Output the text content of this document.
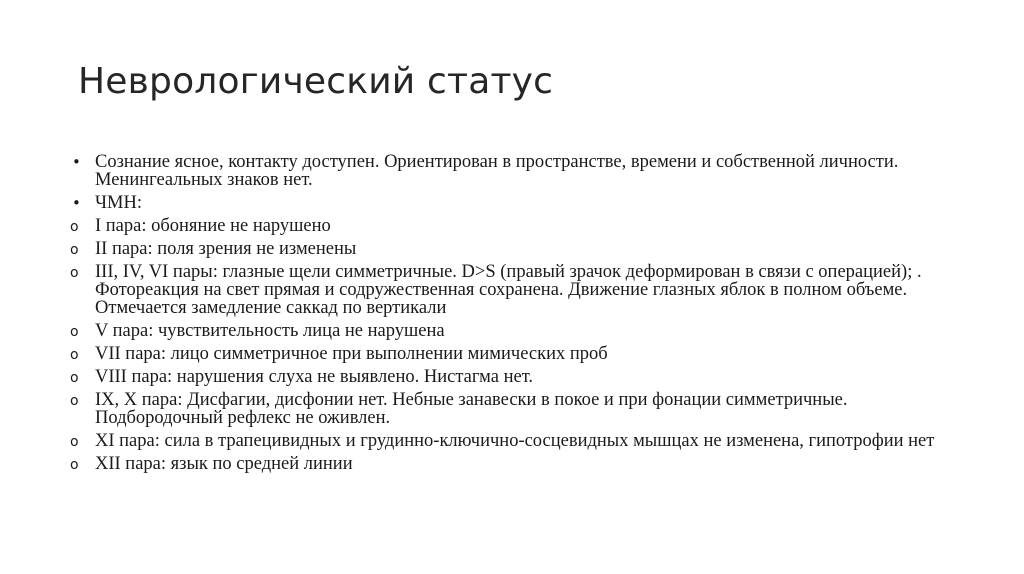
Неврологический статус
• Сознание ясное, контакту доступен. Ориентирован в пространстве, времени и собственной личности. Менингеальных знаков нет.
• ЧМН:
o I пара: обоняние не нарушено
o II пара: поля зрения не изменены
o III, IV, VI пары: глазные щели симметричные. D>S (правый зрачок деформирован в связи с операцией); . Фотореакция на свет прямая и содружественная сохранена. Движение глазных яблок в полном объеме. Отмечается замедление саккад по вертикали
o V пара: чувствительность лица не нарушена
o VII пара: лицо симметричное при выполнении мимических проб
o VIII пара: нарушения слуха не выявлено. Нистагма нет.
o IX, X пара: Дисфагии, дисфонии нет. Небные занавески в покое и при фонации симметричные. Подбородочный рефлекс не оживлен.
o XI пара: сила в трапецивидных и грудинно-ключично-сосцевидных мышцах не изменена, гипотрофии нет
o XII пара: язык по средней линии
